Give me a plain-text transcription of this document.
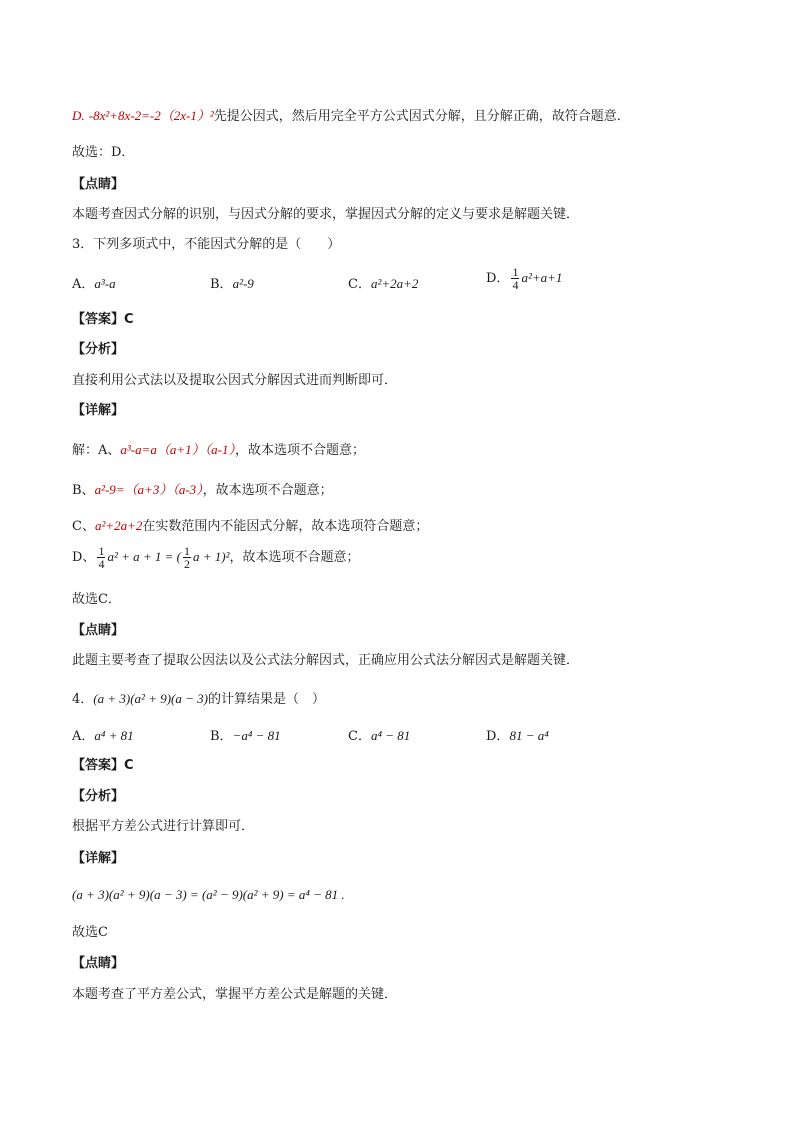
D. -8x²+8x-2=-2（2x-1）²先提公因式，然后用完全平方公式因式分解，且分解正确，故符合题意．
故选：D．
【点睛】
本题考查因式分解的识别，与因式分解的要求，掌握因式分解的定义与要求是解题关键．
3．下列多项式中，不能因式分解的是（　　）
A．a³-a	B．a²-9	C．a²+2a+2	D． $\frac{1}{4} a^2+a+1$
【答案】C
【分析】
直接利用公式法以及提取公因式分解因式进而判断即可．
【详解】
解：A、a³-a=a（a+1）（a-1），故本选项不合题意；
B、a²-9=（a+3）（a-3），故本选项不合题意；
C、a²+2a+2在实数范围内不能因式分解，故本选项符合题意；
D、 $\frac{1}{4} a^2 + a + 1$ = ( $\frac{1}{2}$ a + 1)²，故本选项不合题意；
故选C．
【点睛】
此题主要考查了提取公因法以及公式法分解因式，正确应用公式法分解因式是解题关键．
4．(a + 3)(a² + 9)(a − 3)的计算结果是（　）
A．a⁴ + 81	B．−a⁴ − 81	C．a⁴ − 81	D．81 − a⁴
【答案】C
【分析】
根据平方差公式进行计算即可．
【详解】
(a + 3)(a² + 9)(a − 3) = (a² − 9)(a² + 9) = a⁴ − 81 .
故选C
【点睛】
本题考查了平方差公式，掌握平方差公式是解题的关键．
